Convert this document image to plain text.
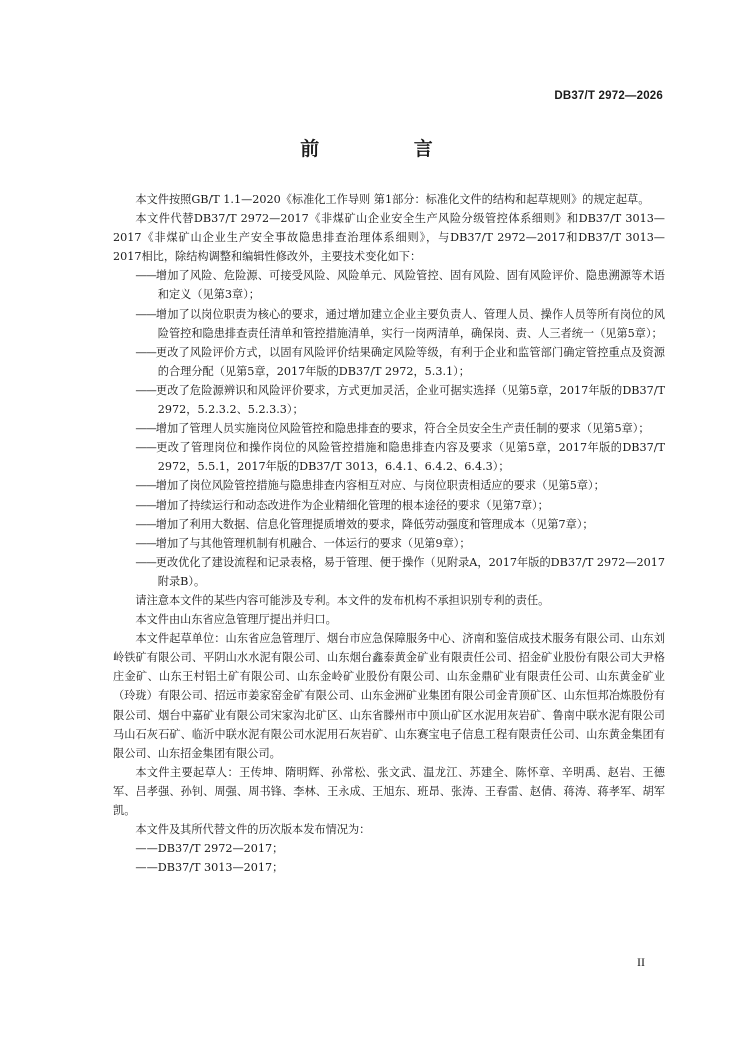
DB37/T 2972—2026
前 言

本文件按照GB/T 1.1—2020《标准化工作导则 第1部分：标准化文件的结构和起草规则》的规定起草。

本文件代替DB37/T 2972—2017《非煤矿山企业安全生产风险分级管控体系细则》和DB37/T 3013—2017《非煤矿山企业生产安全事故隐患排查治理体系细则》，与DB37/T 2972—2017和DB37/T 3013—2017相比，除结构调整和编辑性修改外，主要技术变化如下：

——增加了风险、危险源、可接受风险、风险单元、风险管控、固有风险、固有风险评价、隐患溯源等术语和定义（见第3章）；

——增加了以岗位职责为核心的要求，通过增加建立企业主要负责人、管理人员、操作人员等所有岗位的风险管控和隐患排查责任清单和管控措施清单，实行一岗两清单，确保岗、责、人三者统一（见第5章）；

——更改了风险评价方式，以固有风险评价结果确定风险等级，有利于企业和监管部门确定管控重点及资源的合理分配（见第5章，2017年版的DB37/T 2972，5.3.1）；

——更改了危险源辨识和风险评价要求，方式更加灵活，企业可据实选择（见第5章，2017年版的DB37/T 2972，5.2.3.2、5.2.3.3）；

——增加了管理人员实施岗位风险管控和隐患排查的要求，符合全员安全生产责任制的要求（见第5章）；

——更改了管理岗位和操作岗位的风险管控措施和隐患排查内容及要求（见第5章，2017年版的DB37/T 2972，5.5.1，2017年版的DB37/T 3013，6.4.1、6.4.2、6.4.3）；

——增加了岗位风险管控措施与隐患排查内容相互对应、与岗位职责相适应的要求（见第5章）；

——增加了持续运行和动态改进作为企业精细化管理的根本途径的要求（见第7章）；

——增加了利用大数据、信息化管理提质增效的要求，降低劳动强度和管理成本（见第7章）；

——增加了与其他管理机制有机融合、一体运行的要求（见第9章）；

——更改优化了建设流程和记录表格，易于管理、便于操作（见附录A，2017年版的DB37/T 2972—2017附录B）。

请注意本文件的某些内容可能涉及专利。本文件的发布机构不承担识别专利的责任。

本文件由山东省应急管理厅提出并归口。

本文件起草单位：山东省应急管理厅、烟台市应急保障服务中心、济南和鉴信成技术服务有限公司、山东刘岭铁矿有限公司、平阴山水水泥有限公司、山东烟台鑫泰黄金矿业有限责任公司、招金矿业股份有限公司大尹格庄金矿、山东王村铝土矿有限公司、山东金岭矿业股份有限公司、山东金鼎矿业有限责任公司、山东黄金矿业（玲珑）有限公司、招远市姜家窑金矿有限公司、山东金洲矿业集团有限公司金青顶矿区、山东恒邦冶炼股份有限公司、烟台中嘉矿业有限公司宋家沟北矿区、山东省滕州市中顶山矿区水泥用灰岩矿、鲁南中联水泥有限公司马山石灰石矿、临沂中联水泥有限公司水泥用石灰岩矿、山东赛宝电子信息工程有限责任公司、山东黄金集团有限公司、山东招金集团有限公司。

本文件主要起草人：王传坤、隋明辉、孙常松、张文武、温龙江、苏建全、陈怀章、辛明禹、赵岩、王德军、吕孝强、孙钊、周强、周书锋、李林、王永成、王旭东、班昂、张涛、王春雷、赵倩、蒋涛、蒋孝军、胡军凯。

本文件及其所代替文件的历次版本发布情况为：

——DB37/T 2972—2017；

——DB37/T 3013—2017；

II
